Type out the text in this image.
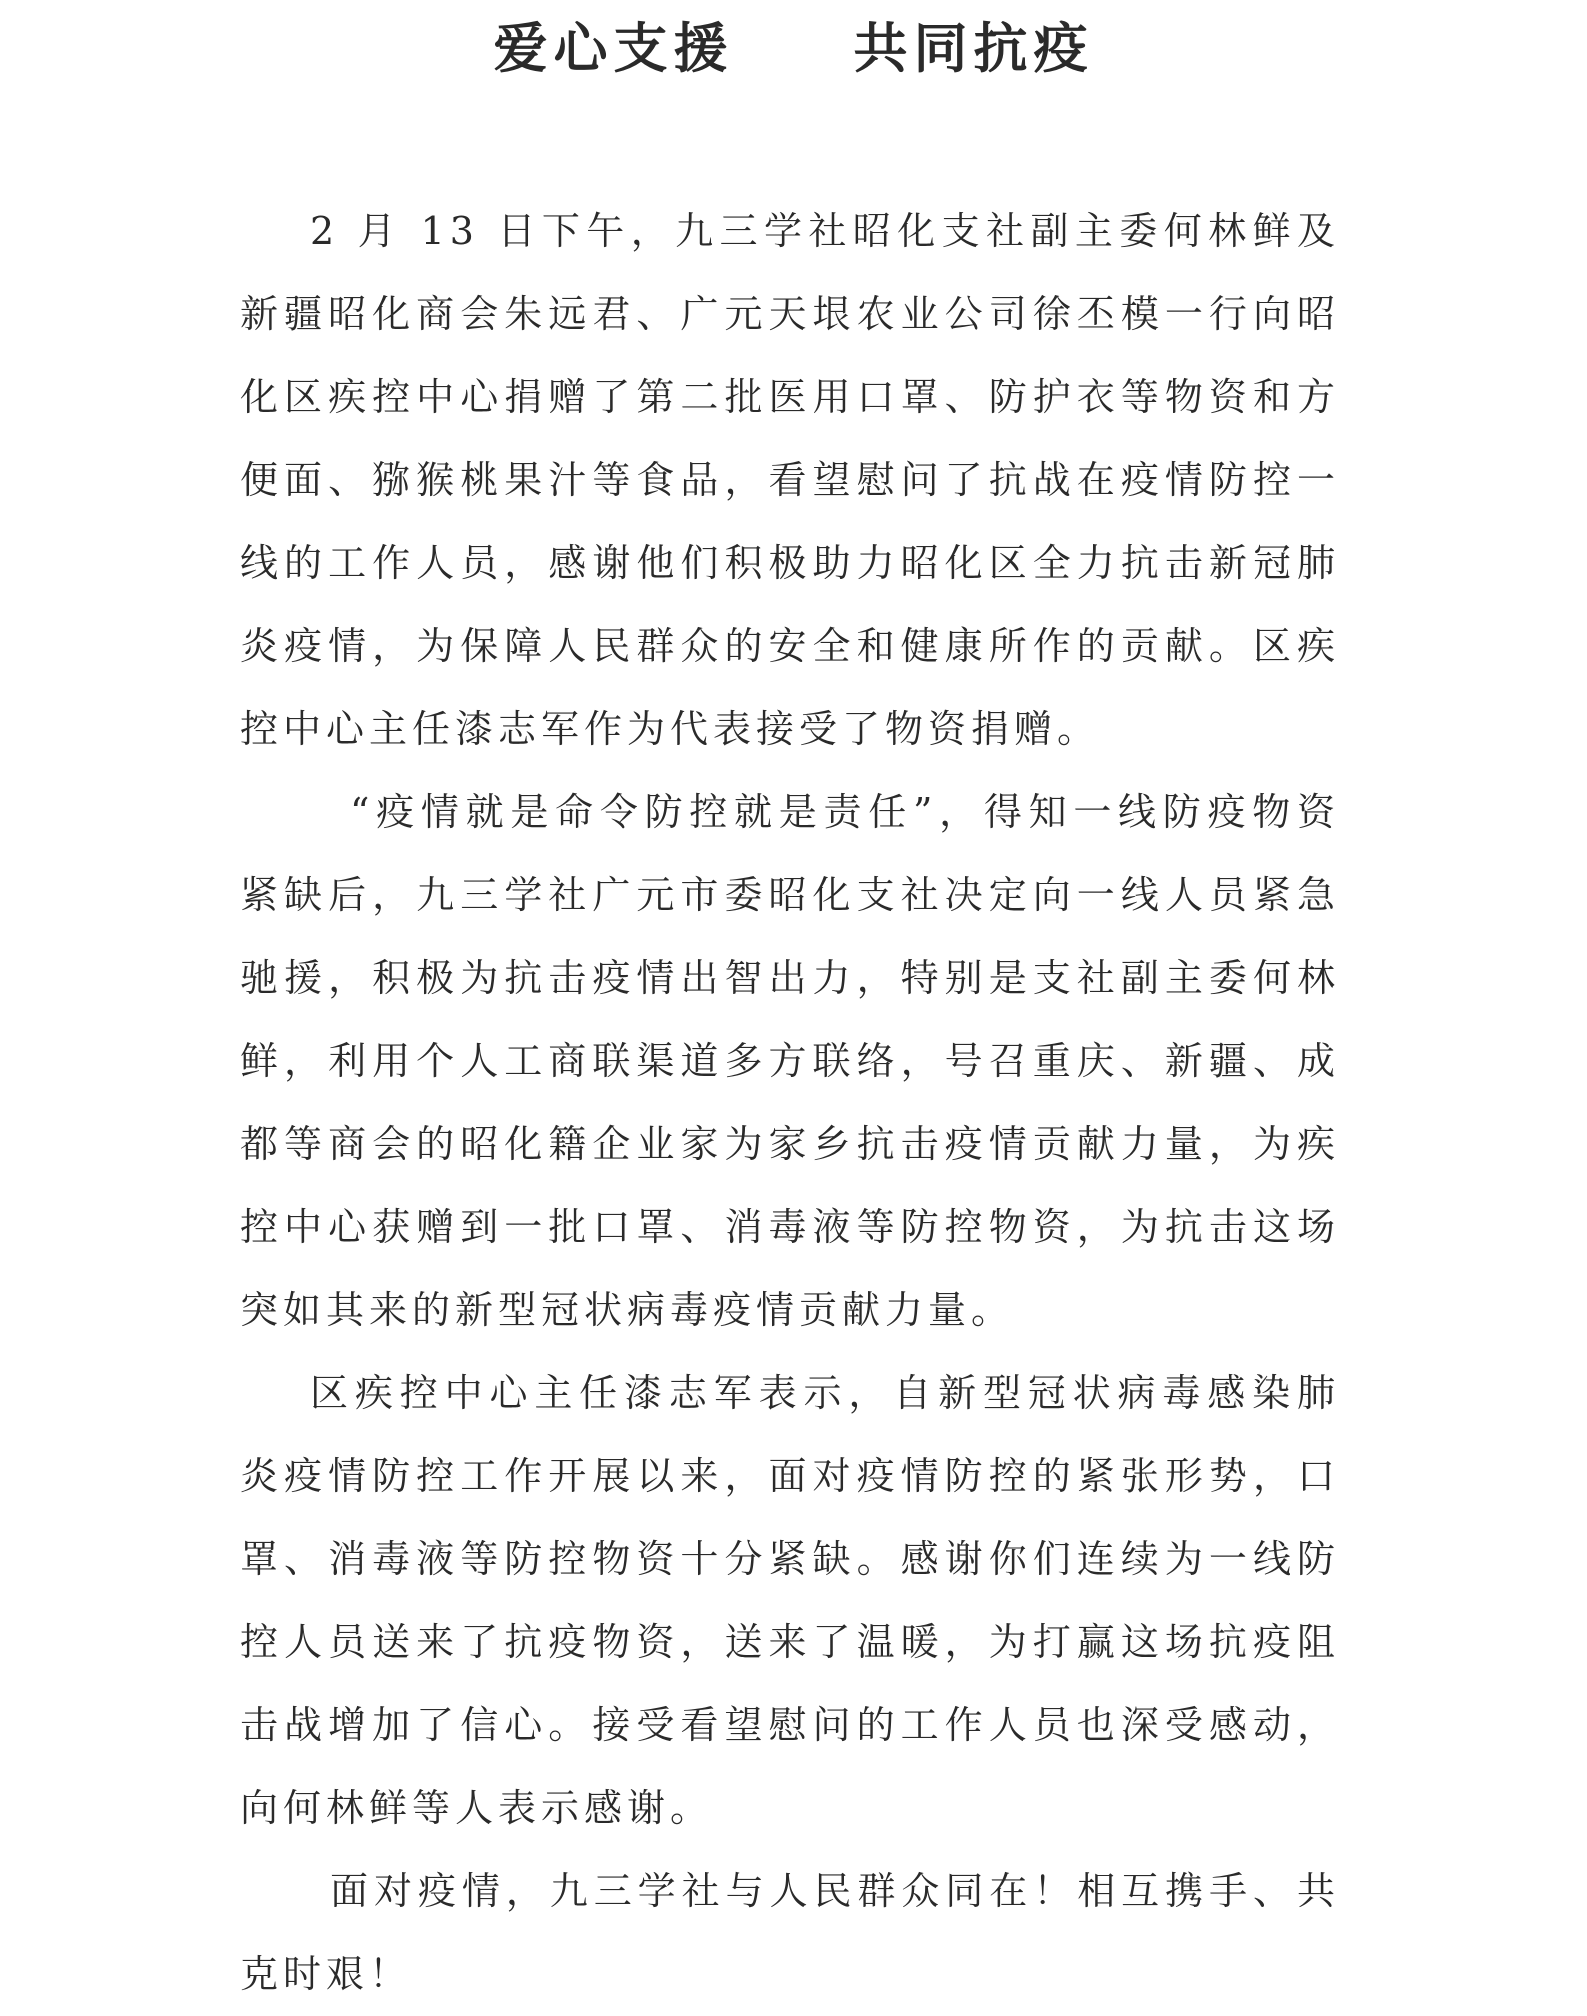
爱心支援　　共同抗疫

2 月 13 日下午，九三学社昭化支社副主委何林鲜及新疆昭化商会朱远君、广元天垠农业公司徐丕模一行向昭化区疾控中心捐赠了第二批医用口罩、防护衣等物资和方便面、猕猴桃果汁等食品，看望慰问了抗战在疫情防控一线的工作人员，感谢他们积极助力昭化区全力抗击新冠肺炎疫情，为保障人民群众的安全和健康所作的贡献。区疾控中心主任漆志军作为代表接受了物资捐赠。

“疫情就是命令防控就是责任”，得知一线防疫物资紧缺后，九三学社广元市委昭化支社决定向一线人员紧急驰援，积极为抗击疫情出智出力，特别是支社副主委何林鲜，利用个人工商联渠道多方联络，号召重庆、新疆、成都等商会的昭化籍企业家为家乡抗击疫情贡献力量，为疾控中心获赠到一批口罩、消毒液等防控物资，为抗击这场突如其来的新型冠状病毒疫情贡献力量。

区疾控中心主任漆志军表示，自新型冠状病毒感染肺炎疫情防控工作开展以来，面对疫情防控的紧张形势，口罩、消毒液等防控物资十分紧缺。感谢你们连续为一线防控人员送来了抗疫物资，送来了温暖，为打赢这场抗疫阻击战增加了信心。接受看望慰问的工作人员也深受感动，向何林鲜等人表示感谢。

面对疫情，九三学社与人民群众同在！相互携手、共克时艰！
